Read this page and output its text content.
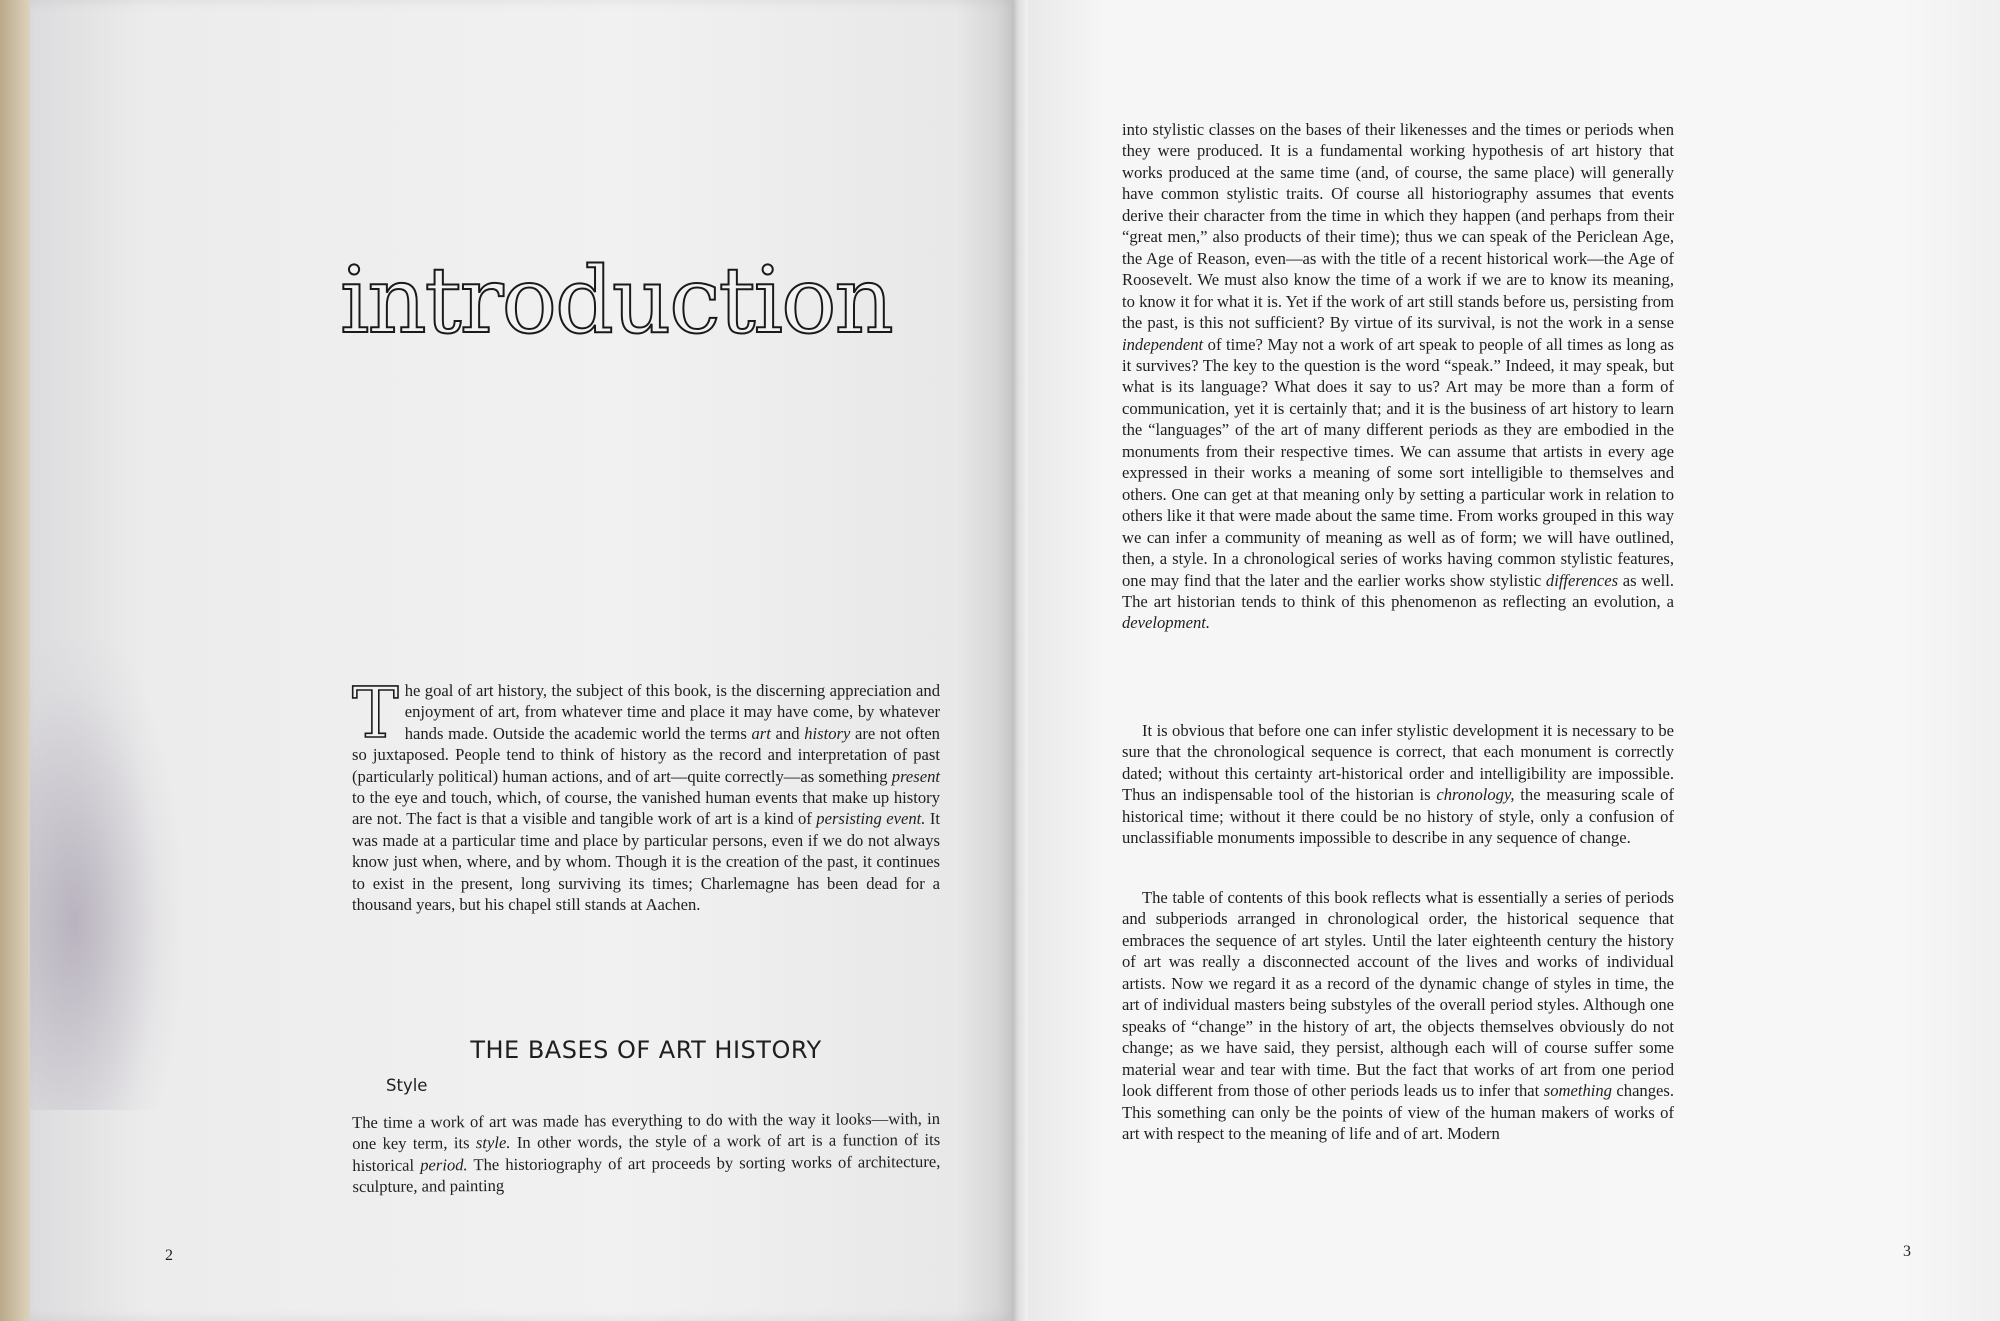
introduction

The goal of art history, the subject of this book, is the discerning appreciation and enjoyment of art, from whatever time and place it may have come, by whatever hands made. Outside the academic world the terms art and history are not often so juxtaposed. People tend to think of history as the record and interpretation of past (particularly political) human actions, and of art—quite correctly—as something present to the eye and touch, which, of course, the vanished human events that make up history are not. The fact is that a visible and tangible work of art is a kind of persisting event. It was made at a particular time and place by particular persons, even if we do not always know just when, where, and by whom. Though it is the creation of the past, it continues to exist in the present, long surviving its times; Charlemagne has been dead for a thousand years, but his chapel still stands at Aachen.

THE BASES OF ART HISTORY
Style

The time a work of art was made has everything to do with the way it looks—with, in one key term, its style. In other words, the style of a work of art is a function of its historical period. The historiography of art proceeds by sorting works of architecture, sculpture, and painting

2

into stylistic classes on the bases of their likenesses and the times or periods when they were produced. It is a fundamental working hypothesis of art history that works produced at the same time (and, of course, the same place) will generally have common stylistic traits. Of course all historiography assumes that events derive their character from the time in which they happen (and perhaps from their “great men,” also products of their time); thus we can speak of the Periclean Age, the Age of Reason, even—as with the title of a recent historical work—the Age of Roosevelt. We must also know the time of a work if we are to know its meaning, to know it for what it is. Yet if the work of art still stands before us, persisting from the past, is this not sufficient? By virtue of its survival, is not the work in a sense independent of time? May not a work of art speak to people of all times as long as it survives? The key to the question is the word “speak.” Indeed, it may speak, but what is its language? What does it say to us? Art may be more than a form of communication, yet it is certainly that; and it is the business of art history to learn the “languages” of the art of many different periods as they are embodied in the monuments from their respective times. We can assume that artists in every age expressed in their works a meaning of some sort intelligible to themselves and others. One can get at that meaning only by setting a particular work in relation to others like it that were made about the same time. From works grouped in this way we can infer a community of meaning as well as of form; we will have outlined, then, a style. In a chronological series of works having common stylistic features, one may find that the later and the earlier works show stylistic differences as well. The art historian tends to think of this phenomenon as reflecting an evolution, a development.

It is obvious that before one can infer stylistic development it is necessary to be sure that the chronological sequence is correct, that each monument is correctly dated; without this certainty art-historical order and intelligibility are impossible. Thus an indispensable tool of the historian is chronology, the measuring scale of historical time; without it there could be no history of style, only a confusion of unclassifiable monuments impossible to describe in any sequence of change.

The table of contents of this book reflects what is essentially a series of periods and subperiods arranged in chronological order, the historical sequence that embraces the sequence of art styles. Until the later eighteenth century the history of art was really a disconnected account of the lives and works of individual artists. Now we regard it as a record of the dynamic change of styles in time, the art of individual masters being substyles of the overall period styles. Although one speaks of “change” in the history of art, the objects themselves obviously do not change; as we have said, they persist, although each will of course suffer some material wear and tear with time. But the fact that works of art from one period look different from those of other periods leads us to infer that something changes. This something can only be the points of view of the human makers of works of art with respect to the meaning of life and of art. Modern

3
